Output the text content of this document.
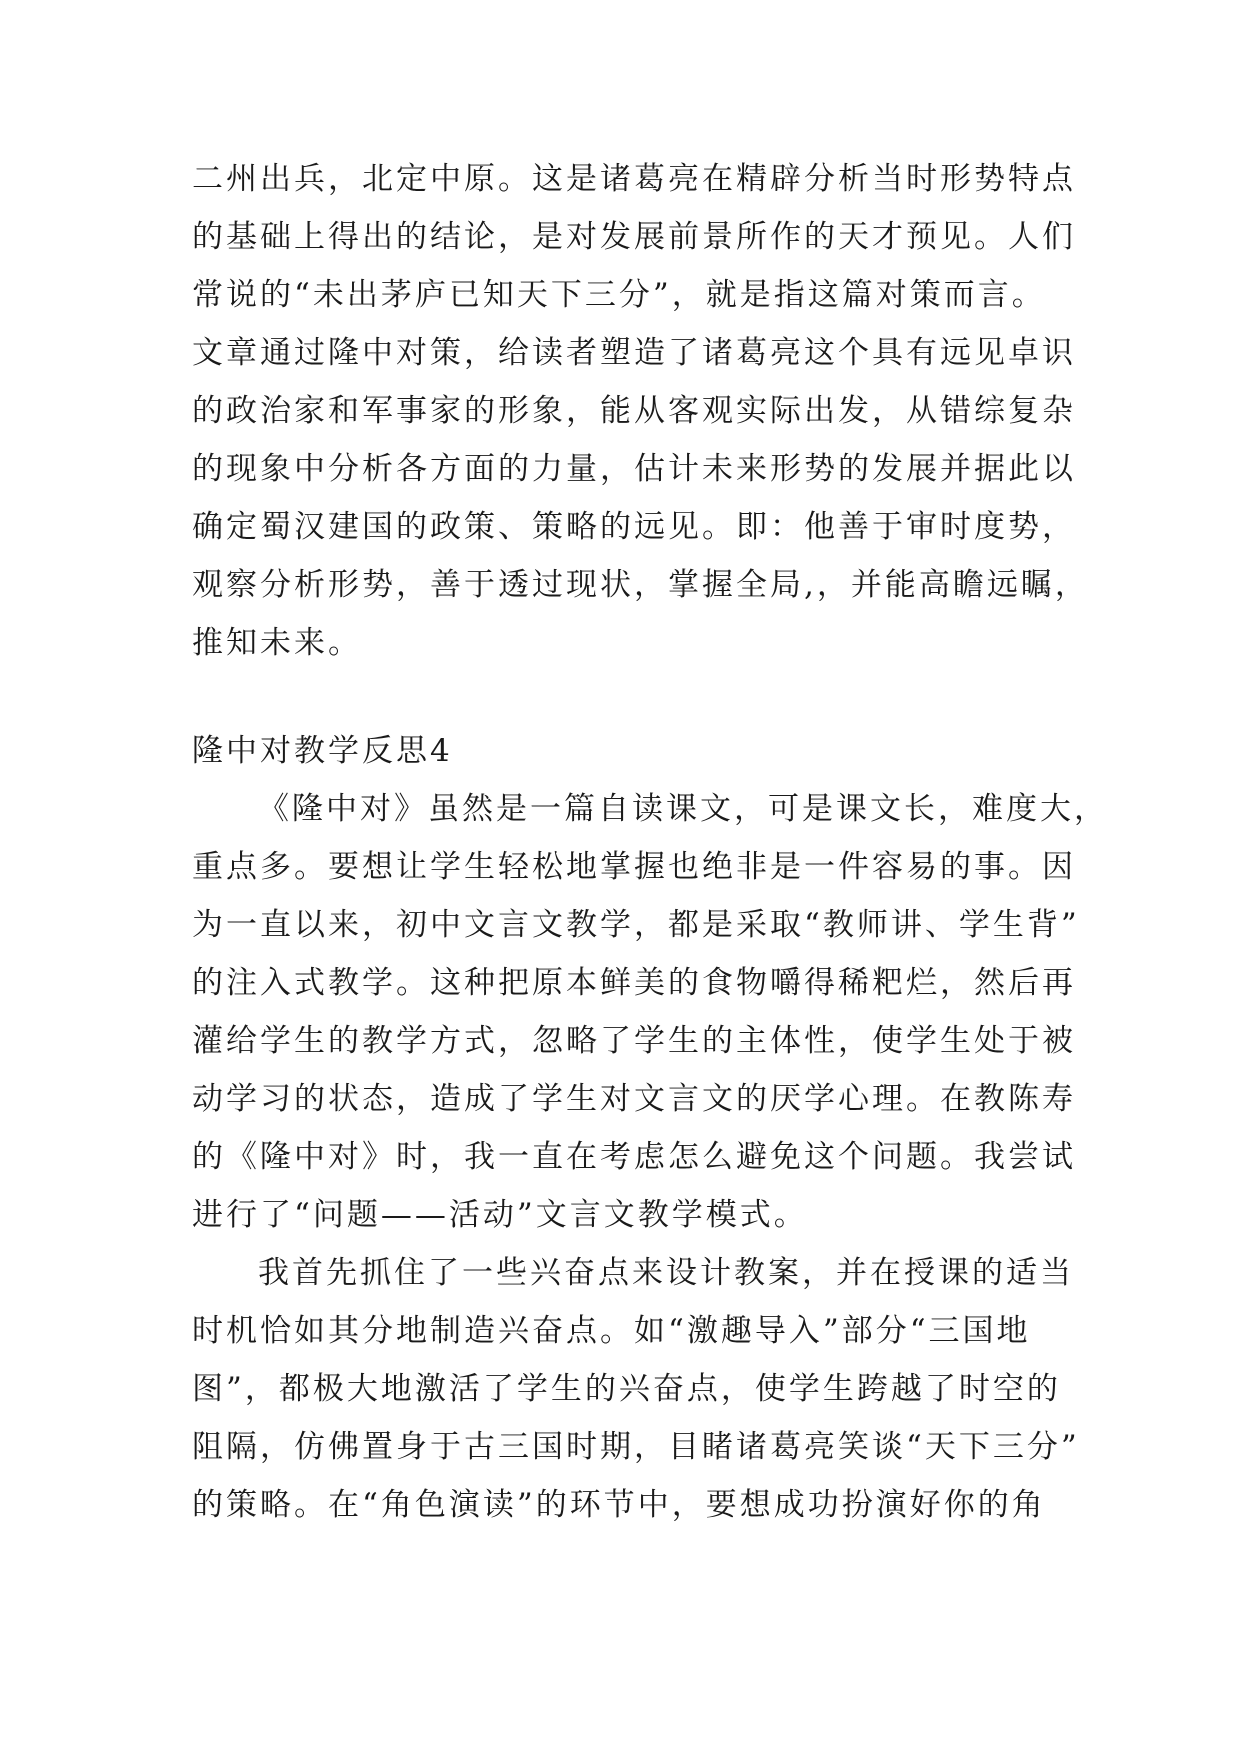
二州出兵，北定中原。这是诸葛亮在精辟分析当时形势特点
的基础上得出的结论，是对发展前景所作的天才预见。人们
常说的“未出茅庐已知天下三分”，就是指这篇对策而言。
文章通过隆中对策，给读者塑造了诸葛亮这个具有远见卓识
的政治家和军事家的形象，能从客观实际出发，从错综复杂
的现象中分析各方面的力量，估计未来形势的发展并据此以
确定蜀汉建国的政策、策略的远见。即：他善于审时度势，
观察分析形势，善于透过现状，掌握全局,，并能高瞻远瞩，
推知未来。
隆中对教学反思4
《隆中对》虽然是一篇自读课文，可是课文长，难度大，
重点多。要想让学生轻松地掌握也绝非是一件容易的事。因
为一直以来，初中文言文教学，都是采取“教师讲、学生背”
的注入式教学。这种把原本鲜美的食物嚼得稀粑烂，然后再
灌给学生的教学方式，忽略了学生的主体性，使学生处于被
动学习的状态，造成了学生对文言文的厌学心理。在教陈寿
的《隆中对》时，我一直在考虑怎么避免这个问题。我尝试
进行了“问题——活动”文言文教学模式。
我首先抓住了一些兴奋点来设计教案，并在授课的适当
时机恰如其分地制造兴奋点。如“激趣导入”部分“三国地
图”，都极大地激活了学生的兴奋点，使学生跨越了时空的
阻隔，仿佛置身于古三国时期，目睹诸葛亮笑谈“天下三分”
的策略。在“角色演读”的环节中，要想成功扮演好你的角
